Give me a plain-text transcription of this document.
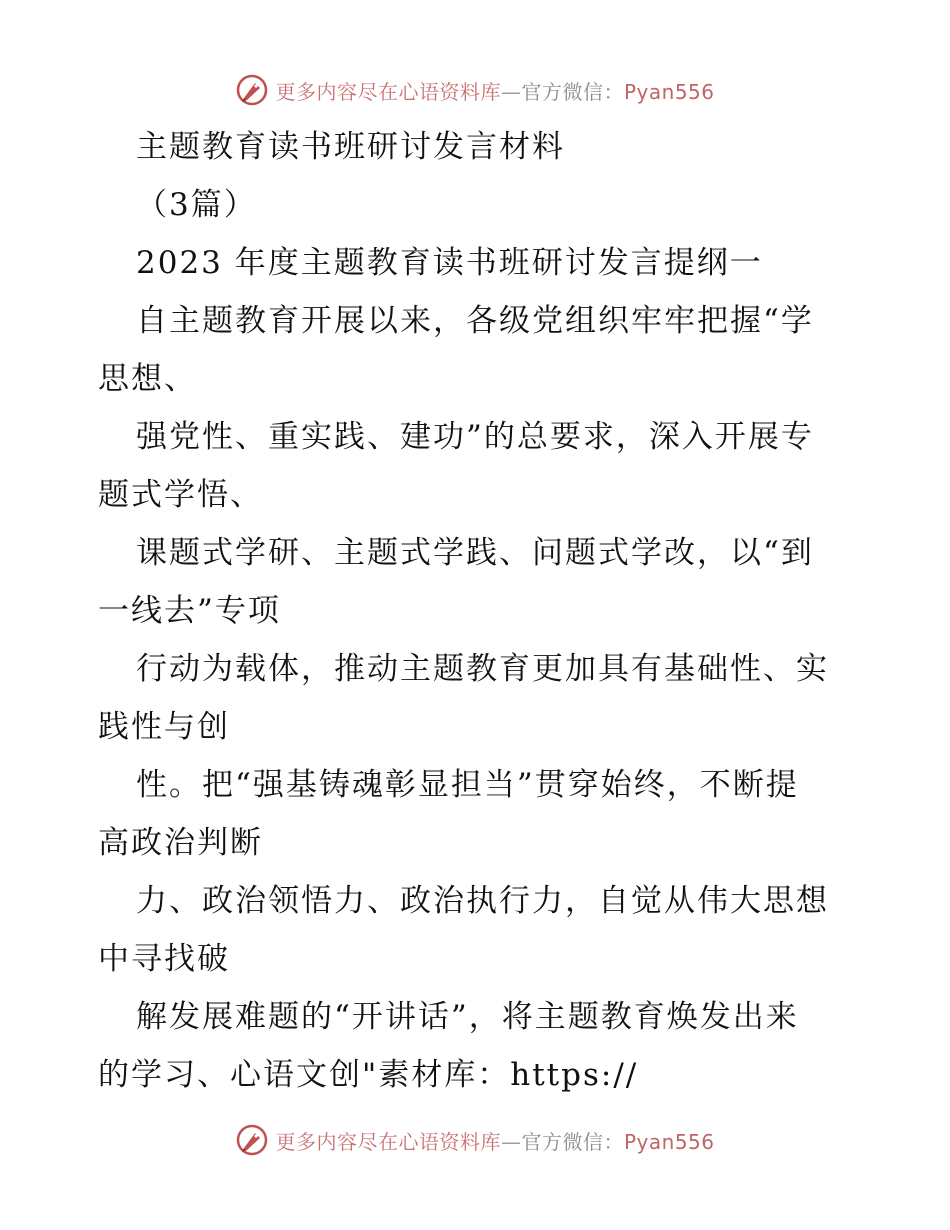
更多内容尽在心语资料库—官方微信：Pyan556
主题教育读书班研讨发言材料
（3篇）
2023 年度主题教育读书班研讨发言提纲一
自主题教育开展以来，各级党组织牢牢把握“学
思想、
强党性、重实践、建功”的总要求，深入开展专
题式学悟、
课题式学研、主题式学践、问题式学改，以“到
一线去”专项
行动为载体，推动主题教育更加具有基础性、实
践性与创
性。把“强基铸魂彰显担当”贯穿始终，不断提
高政治判断
力、政治领悟力、政治执行力，自觉从伟大思想
中寻找破
解发展难题的“开讲话”，将主题教育焕发出来
的学习、心语文创"素材库：https://
更多内容尽在心语资料库—官方微信：Pyan556
